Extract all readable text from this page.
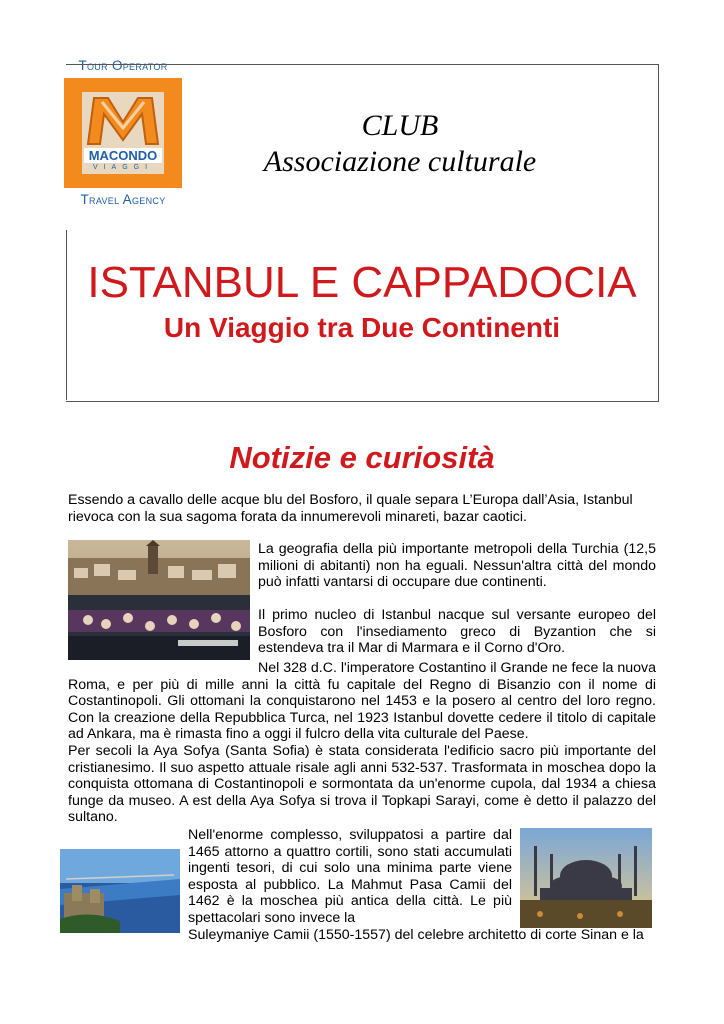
Tour Operator
MACONDO
VIAGGI
Travel Agency
CLUB
Associazione culturale
ISTANBUL E CAPPADOCIA
Un Viaggio tra Due Continenti
Notizie e curiosità
Essendo a cavallo delle acque blu del Bosforo, il quale separa L’Europa dall’Asia, Istanbul rievoca con la sua sagoma forata da innumerevoli minareti, bazar caotici.
La geografia della più importante metropoli della Turchia (12,5 milioni di abitanti) non ha eguali. Nessun'altra città del mondo può infatti vantarsi di occupare due continenti.
Il primo nucleo di Istanbul nacque sul versante europeo del Bosforo con l'insediamento greco di Byzantion che si estendeva tra il Mar di Marmara e il Corno d'Oro.
Nel 328 d.C. l'imperatore Costantino il Grande ne fece la nuova Roma, e per più di mille anni la città fu capitale del Regno di Bisanzio con il nome di Costantinopoli. Gli ottomani la conquistarono nel 1453 e la posero al centro del loro regno. Con la creazione della Repubblica Turca, nel 1923 Istanbul dovette cedere il titolo di capitale ad Ankara, ma è rimasta fino a oggi il fulcro della vita culturale del Paese.
Per secoli la Aya Sofya (Santa Sofia) è stata considerata l'edificio sacro più importante del cristianesimo. Il suo aspetto attuale risale agli anni 532-537. Trasformata in moschea dopo la conquista ottomana di Costantinopoli e sormontata da un'enorme cupola, dal 1934 a chiesa funge da museo. A est della Aya Sofya si trova il Topkapi Sarayi, come è detto il palazzo del sultano.
Nell'enorme complesso, sviluppatosi a partire dal 1465 attorno a quattro cortili, sono stati accumulati ingenti tesori, di cui solo una minima parte viene esposta al pubblico. La Mahmut Pasa Camii del 1462 è la moschea più antica della città. Le più spettacolari sono invece la
Suleymaniye Camii (1550-1557) del celebre architetto di corte Sinan e la
